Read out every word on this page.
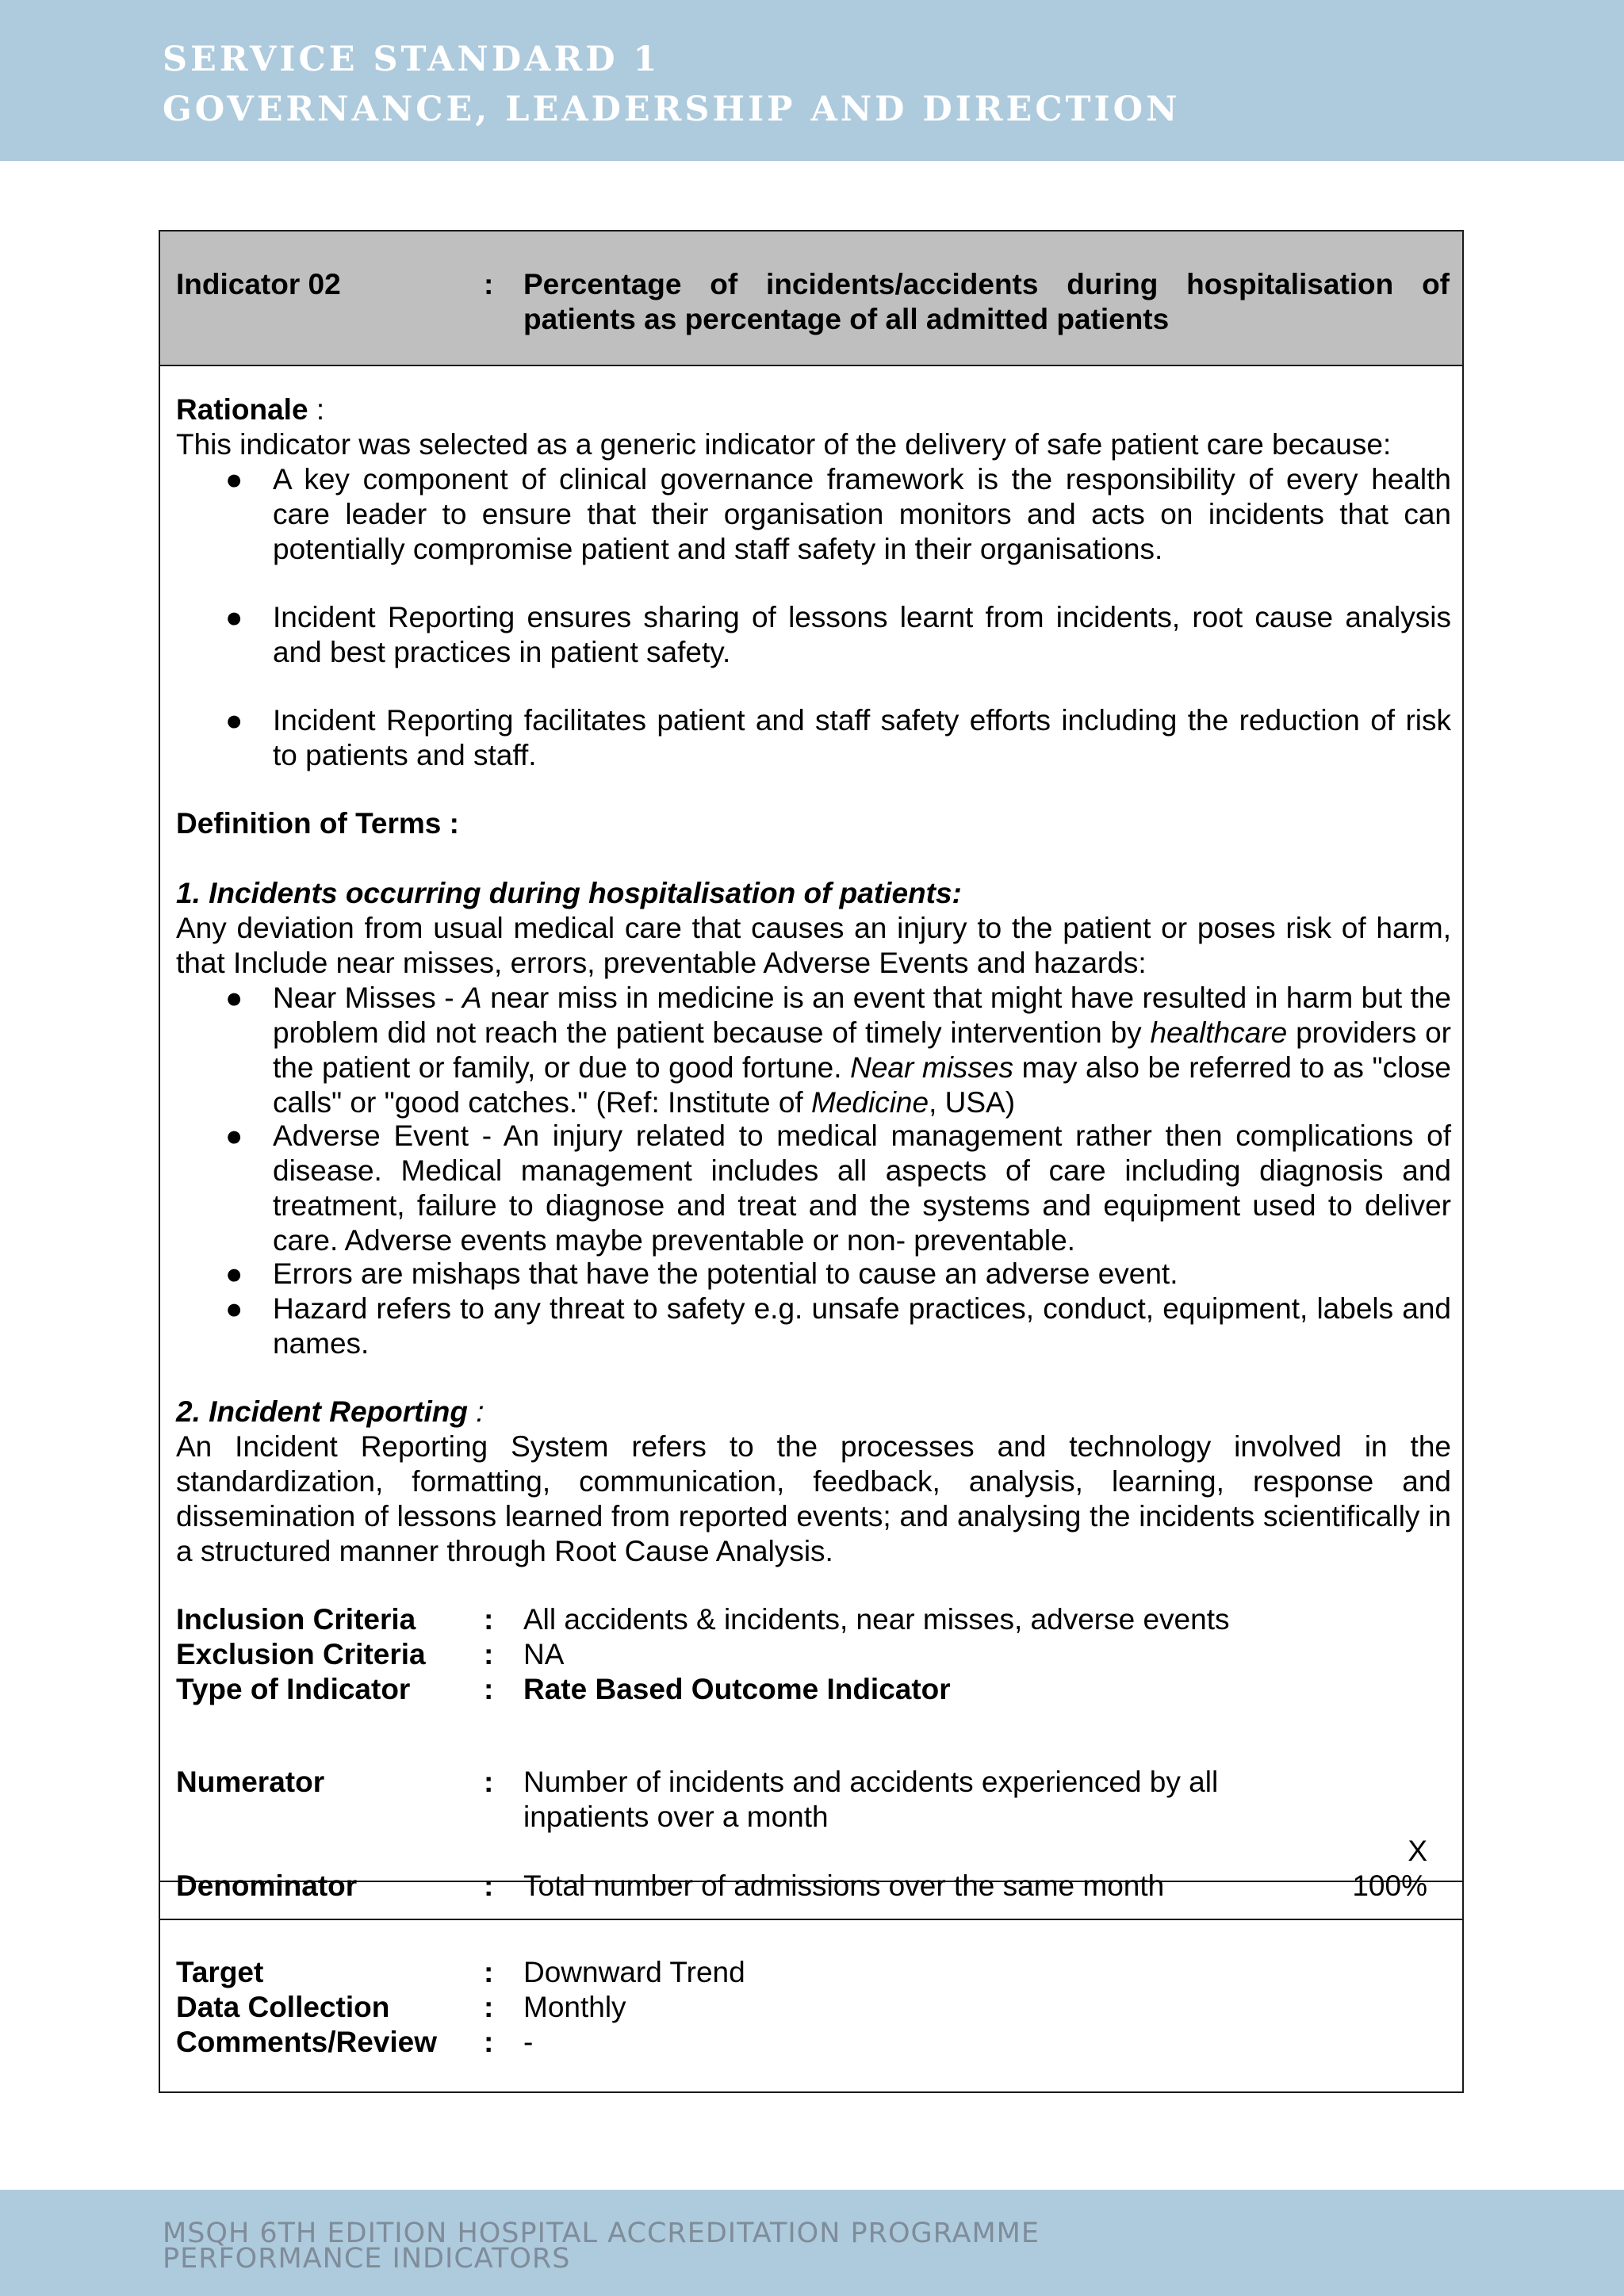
SERVICE STANDARD 1
GOVERNANCE, LEADERSHIP AND DIRECTION
Indicator 02	: Percentage of incidents/accidents during hospitalisation of patients as percentage of all admitted patients
Rationale :
This indicator was selected as a generic indicator of the delivery of safe patient care because:
●	A key component of clinical governance framework is the responsibility of every health care leader to ensure that their organisation monitors and acts on incidents that can potentially compromise patient and staff safety in their organisations.
●	Incident Reporting ensures sharing of lessons learnt from incidents, root cause analysis and best practices in patient safety.
●	Incident Reporting facilitates patient and staff safety efforts including the reduction of risk to patients and staff.
Definition of Terms :
1. Incidents occurring during hospitalisation of patients:
Any deviation from usual medical care that causes an injury to the patient or poses risk of harm, that Include near misses, errors, preventable Adverse Events and hazards:
●	Near Misses - A near miss in medicine is an event that might have resulted in harm but the problem did not reach the patient because of timely intervention by healthcare providers or the patient or family, or due to good fortune. Near misses may also be referred to as "close calls" or "good catches." (Ref: Institute of Medicine, USA)
●	Adverse Event - An injury related to medical management rather then complications of disease. Medical management includes all aspects of care including diagnosis and treatment, failure to diagnose and treat and the systems and equipment used to deliver care. Adverse events maybe preventable or non- preventable.
●	Errors are mishaps that have the potential to cause an adverse event.
●	Hazard refers to any threat to safety e.g. unsafe practices, conduct, equipment, labels and names.
2. Incident Reporting :
An Incident Reporting System refers to the processes and technology involved in the standardization, formatting, communication, feedback, analysis, learning, response and dissemination of lessons learned from reported events; and analysing the incidents scientifically in a structured manner through Root Cause Analysis.
Inclusion Criteria	: All accidents & incidents, near misses, adverse events
Exclusion Criteria	: NA
Type of Indicator	: Rate Based Outcome Indicator
Numerator	: Number of incidents and accidents experienced by all inpatients over a month
X 100%
Denominator	: Total number of admissions over the same month
Target	: Downward Trend
Data Collection	: Monthly
Comments/Review	: -
MSQH 6TH EDITION HOSPITAL ACCREDITATION PROGRAMME
PERFORMANCE INDICATORS
